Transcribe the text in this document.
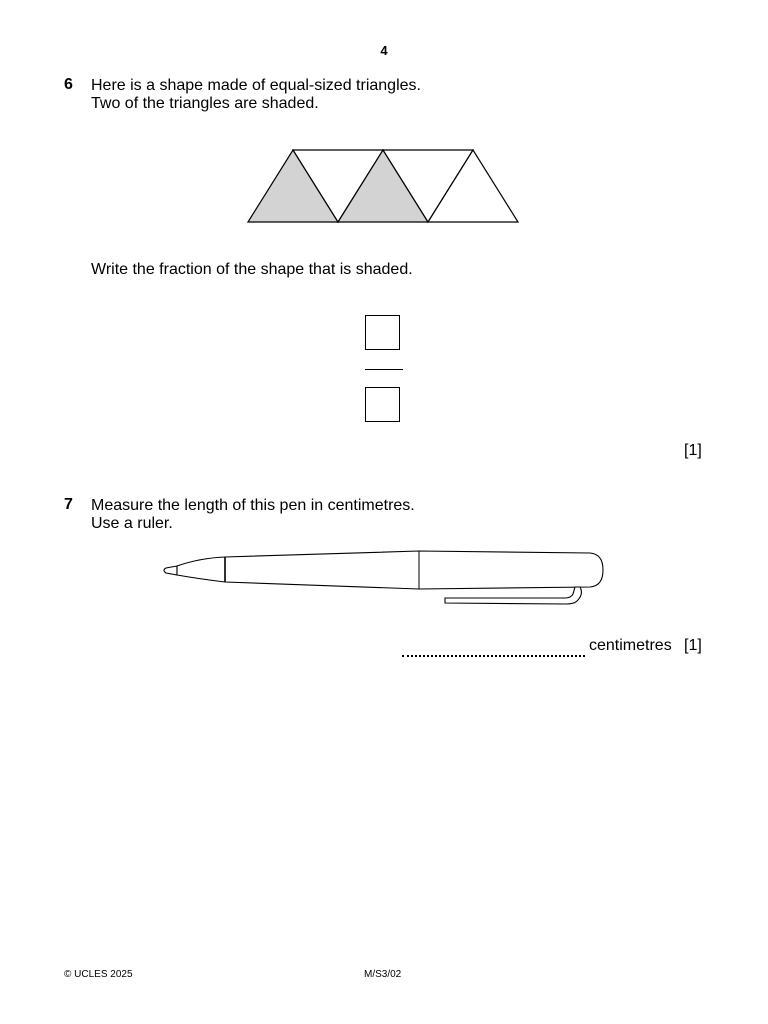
4
6 Here is a shape made of equal-sized triangles.
Two of the triangles are shaded.
Write the fraction of the shape that is shaded.
[1]
7 Measure the length of this pen in centimetres.
Use a ruler.
centimetres [1]
© UCLES 2025	M/S3/02
